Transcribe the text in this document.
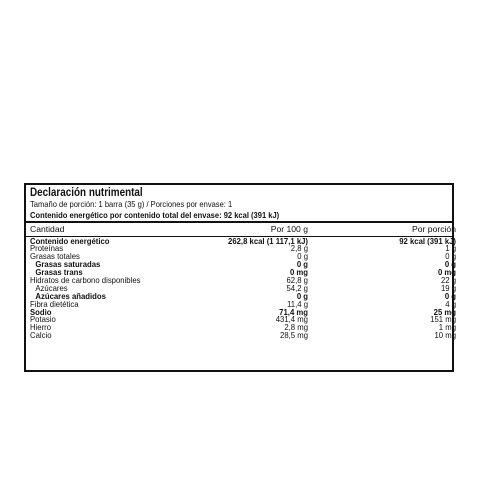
Declaración nutrimental
Tamaño de porción: 1 barra (35 g) / Porciones por envase: 1
Contenido energético por contenido total del envase: 92 kcal (391 kJ)
Cantidad	Por 100 g	Por porción
Contenido energético	262,8 kcal (1 117,1 kJ)	92 kcal (391 kJ)
Proteínas	2,8 g	1 g
Grasas totales	0 g	0 g
Grasas saturadas	0 g	0 g
Grasas trans	0 mg	0 mg
Hidratos de carbono disponibles	62,8 g	22 g
Azúcares	54,2 g	19 g
Azúcares añadidos	0 g	0 g
Fibra dietética	11,4 g	4 g
Sodio	71,4 mg	25 mg
Potasio	431,4 mg	151 mg
Hierro	2,8 mg	1 mg
Calcio	28,5 mg	10 mg
